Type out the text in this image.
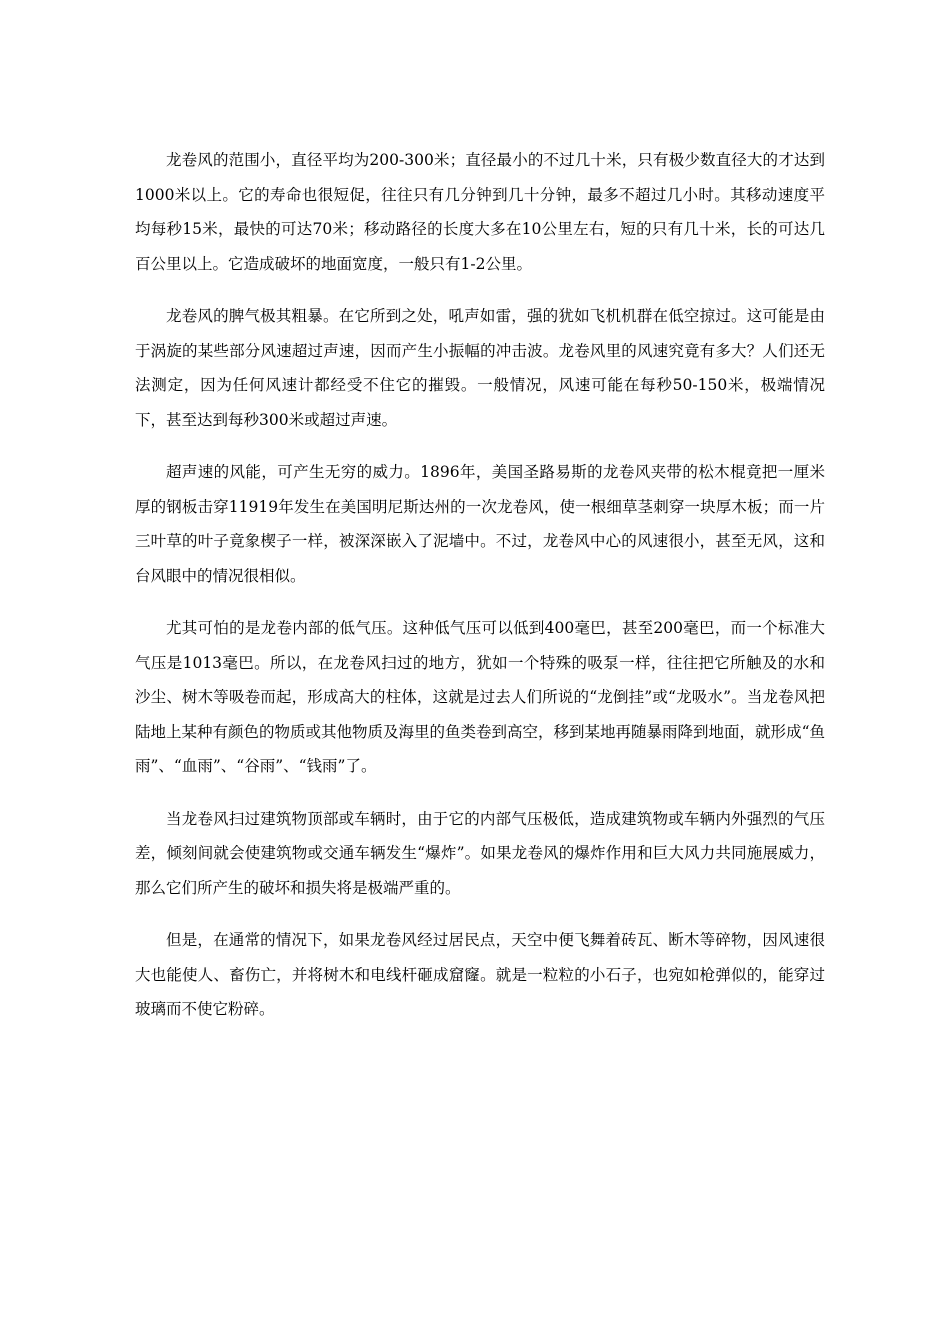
龙卷风的范围小，直径平均为200-300米；直径最小的不过几十米，只有极少数直径大的才达到1000米以上。它的寿命也很短促，往往只有几分钟到几十分钟，最多不超过几小时。其移动速度平均每秒15米，最快的可达70米；移动路径的长度大多在10公里左右，短的只有几十米，长的可达几百公里以上。它造成破坏的地面宽度，一般只有1-2公里。

龙卷风的脾气极其粗暴。在它所到之处，吼声如雷，强的犹如飞机机群在低空掠过。这可能是由于涡旋的某些部分风速超过声速，因而产生小振幅的冲击波。龙卷风里的风速究竟有多大？人们还无法测定，因为任何风速计都经受不住它的摧毁。一般情况，风速可能在每秒50-150米，极端情况下，甚至达到每秒300米或超过声速。

超声速的风能，可产生无穷的威力。1896年，美国圣路易斯的龙卷风夹带的松木棍竟把一厘米厚的钢板击穿11919年发生在美国明尼斯达州的一次龙卷风，使一根细草茎刺穿一块厚木板；而一片三叶草的叶子竟象楔子一样，被深深嵌入了泥墙中。不过，龙卷风中心的风速很小，甚至无风，这和台风眼中的情况很相似。

尤其可怕的是龙卷内部的低气压。这种低气压可以低到400毫巴，甚至200毫巴，而一个标准大气压是1013毫巴。所以，在龙卷风扫过的地方，犹如一个特殊的吸泵一样，往往把它所触及的水和沙尘、树木等吸卷而起，形成高大的柱体，这就是过去人们所说的“龙倒挂”或“龙吸水”。当龙卷风把陆地上某种有颜色的物质或其他物质及海里的鱼类卷到高空，移到某地再随暴雨降到地面，就形成“鱼雨”、“血雨”、“谷雨”、“钱雨”了。

当龙卷风扫过建筑物顶部或车辆时，由于它的内部气压极低，造成建筑物或车辆内外强烈的气压差，倾刻间就会使建筑物或交通车辆发生“爆炸”。如果龙卷风的爆炸作用和巨大风力共同施展威力，那么它们所产生的破坏和损失将是极端严重的。

但是，在通常的情况下，如果龙卷风经过居民点，天空中便飞舞着砖瓦、断木等碎物，因风速很大也能使人、畜伤亡，并将树木和电线杆砸成窟窿。就是一粒粒的小石子，也宛如枪弹似的，能穿过玻璃而不使它粉碎。
